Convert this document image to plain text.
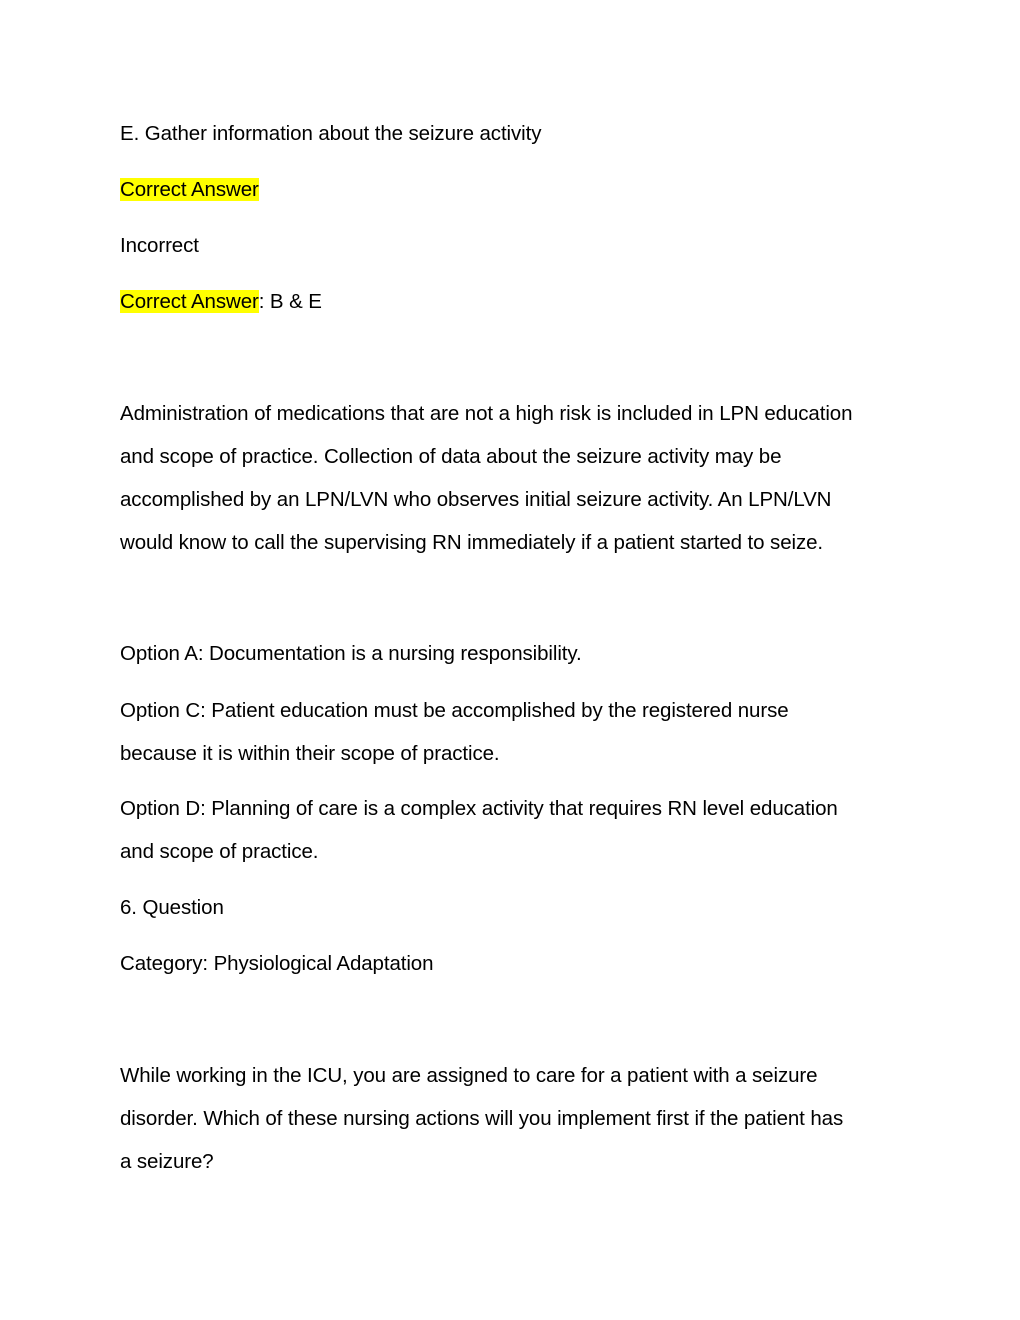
E. Gather information about the seizure activity
Correct Answer
Incorrect
Correct Answer: B & E
Administration of medications that are not a high risk is included in LPN education
and scope of practice. Collection of data about the seizure activity may be
accomplished by an LPN/LVN who observes initial seizure activity. An LPN/LVN
would know to call the supervising RN immediately if a patient started to seize.
Option A: Documentation is a nursing responsibility.
Option C: Patient education must be accomplished by the registered nurse
because it is within their scope of practice.
Option D: Planning of care is a complex activity that requires RN level education
and scope of practice.
6. Question
Category: Physiological Adaptation
While working in the ICU, you are assigned to care for a patient with a seizure
disorder. Which of these nursing actions will you implement first if the patient has
a seizure?
